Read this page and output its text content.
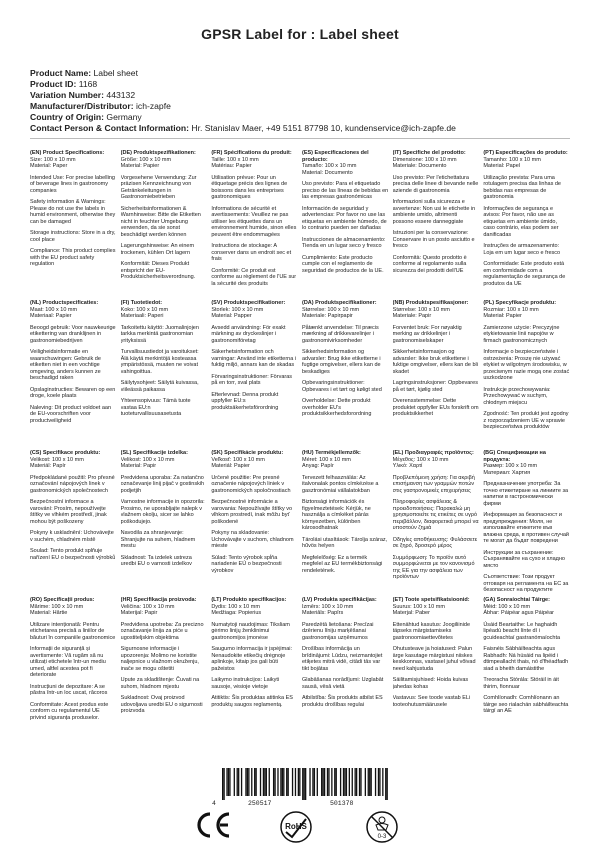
GPSR Label for : Label sheet
Product Name: Label sheet
Product ID: 1168
Variation Number: 443132
Manufacturer/Distributor: ich-zapfe
Country of Origin: Germany
Contact Person & Contact Information: Hr. Stanislav Maer, +49 5151 87798 10, kundenservice@ich-zapfe.de

(EN) Product Specifications:

Size: 100 x 10 mm

Material: Paper

Intended Use: For precise labelling of beverage lines in gastronomy companies

Safety information & Warnings: Please do not use the labels in humid environment, otherwise they can be damaged

Storage instructions: Store in a dry, cool place

Compliance: This product complies with the EU product safety regulation

(DE) Produktspezifikationen:

Größe: 100 x 10 mm

Material: Papier

Vorgesehene Verwendung: Zur präzisen Kennzeichnung von Getränkeleitungen in Gastronomiebetrieben

Sicherheitsinformationen & Warnhinweise: Bitte die Etiketten nicht in feuchter Umgebung verwenden, da sie sonst beschädigt werden können

Lagerungshinweise: An einem trockenen, kühlen Ort lagern

Konformität: Dieses Produkt entspricht der EU-Produktsicherheitsverordnung.

(FR) Spécifications du produit:

Taille: 100 x 10 mm

Matériau: Papier

Utilisation prévue: Pour un étiquetage précis des lignes de boissons dans les entreprises gastronomiques

Informations de sécurité et avertissements: Veuillez ne pas utiliser les étiquettes dans un environnement humide, sinon elles peuvent être endommagées

Instructions de stockage: A conserver dans un endroit sec et frais

Conformité: Ce produit est conforme au règlement de l'UE sur la sécurité des produits

(ES) Especificaciones del producto:

Tamaño: 100 x 10 mm

Material: Documento

Uso previsto: Para el etiquetado preciso de las líneas de bebidas en las empresas gastronómicas

Información de seguridad y advertencias: Por favor no use las etiquetas en ambiente húmedo, de lo contrario pueden ser dañadas

Instrucciones de almacenamiento: Tienda en un lugar seco y fresco

Cumplimiento: Este producto cumple con el reglamento de seguridad de productos de la UE.

(IT) Specifiche del prodotto:

Dimensione: 100 x 10 mm

Materiale: Documento

Uso previsto: Per l'etichettatura precisa delle linee di bevande nelle aziende di gastronomia

Informazioni sulla sicurezza e avvertenze: Non usi le etichette in ambiente umido, altrimenti possono essere danneggiate

Istruzioni per la conservazione: Conservare in un posto asciutto e fresco

Conformità: Questo prodotto è conforme al regolamento sulla sicurezza dei prodotti dell'UE

(PT) Especificações do produto:

Tamanho: 100 x 10 mm

Material: Papel

Utilização prevista: Para uma rotulagem precisa das linhas de bebidas nas empresas de gastronomia

Informações de segurança e avisos: Por favor, não use as etiquetas em ambiente úmido, caso contrário, elas podem ser danificadas

Instruções de armazenamento: Loja em um lugar seco e fresco

Conformidade: Este produto está em conformidade com a regulamentação de segurança de produtos da UE

(NL) Productspecificaties:

Maat: 100 x 10 mm

Materiaal: Papier

Beoogd gebruik: Voor nauwkeurige etikettering van dranklijnen in gastronomiebedrijven

Veiligheidsinformatie en waarschuwingen: Gebruik de etiketten niet in een vochtige omgeving, anders kunnen ze beschadigd raken

Opslaginstructies: Bewaren op een droge, koele plaats

Naleving: Dit product voldoet aan de EU-voorschriften voor productveiligheid

(FI) Tuotetiedot:

Koko: 100 x 10 mm

Materiaali: Paperi

Tarkoitettu käyttö: Juomalinjojen tarkka merkintä gastronomian yrityksissä

Turvallisuustiedot ja varoitukset: Älä käytä merkintöjä kosteassa ympäristössä, muuten ne voivat vahingoittua.

Säilytysohjeet: Säilytä kuivassa, viileässä paikassa

Yhteensopivuus: Tämä tuote vastaa EU:n tuoteturvallisuusasetusta

(SV) Produktspecifikationer:

Storlek: 100 x 10 mm

Material: Papper

Avsedd användning: För exakt märkning av dryckeslinjer i gastronomiföretag

Säkerhetsinformation och varningar: Använd inte etiketterna i fuktig miljö, annars kan de skadas

Förvaringsinstruktioner: Förvaras på en torr, sval plats

Efterlevnad: Denna produkt uppfyller EU:s produktsäkerhetsförordning

(DA) Produktspecifikationer:

Størrelse: 100 x 10 mm

Materiale: Papirpapir

Påtænkt anvendelse: Til præcis mærkning af drikkevarelinjer i gastronomivirksomheder

Sikkerhedsinformation og advarsler: Brug ikke etiketterne i fugtige omgivelser, ellers kan de beskadiges

Opbevaringsinstruktioner: Opbevares i et tørt og køligt sted

Overholdelse: Dette produkt overholder EU's produktsikkerhedsforordning

(NB) Produktspesifikasjoner:

Størrelse: 100 x 10 mm

Materiale: Papir

Forventet bruk: For nøyaktig merking av drikkelinjer i gastronomiselskaper

Sikkerhetsinformasjon og advarsler: Ikke bruk etikettene i fuktige omgivelser, ellers kan de bli skadet

Lagringsinstruksjoner: Oppbevares på et tørt, kjølig sted

Overensstemmelse: Dette produktet oppfyller EUs forskrift om produktsikkerhet

(PL) Specyfikacje produktu:

Rozmiar: 100 x 10 mm

Materiał: Papier

Zamierzone użycie: Precyzyjne etykietowanie linii napojów w firmach gastronomicznych

Informacje o bezpieczeństwie i ostrzeżenia: Proszę nie używać etykiet w wilgotnym środowisku, w przeciwnym razie mogą one zostać uszkodzone

Instrukcje przechowywania: Przechowywać w suchym, chłodnym miejscu

Zgodność: Ten produkt jest zgodny z rozporządzeniem UE w sprawie bezpieczeństwa produktów

(CS) Specifikace produktu:

Velikost: 100 x 10 mm

Materiál: Papír

Předpokládané použití: Pro přesné označování nápojových linek v gastronomických společnostech

Bezpečnostní informace a varování: Prosím, nepoužívejte štítky ve vlhkém prostředí, jinak mohou být poškozeny

Pokyny k uskladnění: Uchovávejte v suchém, chladném místě

Soulad: Tento produkt splňuje nařízení EU o bezpečnosti výrobků

(SL) Specifikacije izdelka:

Velikost: 100 x 10 mm

Material: Papir

Predvidena uporaba: Za natančno označevanje linij pijač v gostinskih podjetjih

Varnostne informacije in opozorila: Prosimo, ne uporabljajte nalepk v vlažnem okolju, sicer se lahko poškodujejo.

Navodila za shranjevanje: Shranjujte na suhem, hladnem mestu

Skladnost: Ta izdelek ustreza uredbi EU o varnosti izdelkov

(SK) Špecifikácie produktu:

Veľkosť: 100 x 10 mm

Materiál: Papier

Určené použitie: Pre presné označenie nápojových liniek v gastronomických spoločnostiach

Bezpečnostné informácie a varovania: Nepoužívajte štítky vo vlhkom prostredí, inak môžu byť poškodené

Pokyny na skladovanie: Uchovávajte v suchom, chladnom mieste

Súlad: Tento výrobok spĺňa nariadenie EÚ o bezpečnosti výrobkov

(HU) Termékjellemzők:

Méret: 100 x 10 mm

Anyag: Papír

Tervezett felhasználás: Az italvonalak pontos címkézése a gasztronómiai vállalatokban

Biztonsági információk és figyelmeztetések: Kérjük, ne használja a címkéket párás környezetben, különben károsodhatnak

Tárolási utasítások: Tárolja száraz, hűvös helyen

Megfelelőség: Ez a termék megfelel az EU termékbiztonsági rendeletének.

(EL) Προδιαγραφές προϊόντος:

Μέγεθος: 100 x 10 mm

Υλικό: Χαρτί

Προβλεπόμενη χρήση: Για ακριβή επισήμανση των γραμμών ποτών στις γαστρονομικές επιχειρήσεις

Πληροφορίες ασφάλειας & προειδοποιήσεις: Παρακαλώ μη χρησιμοποιείτε τις ετικέτες σε υγρό περιβάλλον, διαφορετικά μπορεί να υποστούν ζημιά

Οδηγίες αποθήκευσης: Φυλάσσετε σε ξηρό, δροσερό μέρος

Συμμόρφωση: Το προϊόν αυτό συμμορφώνεται με τον κανονισμό της ΕΕ για την ασφάλεια των προϊόντων

(BG) Спецификации на продукта:

Размер: 100 x 10 mm

Материал: Хартия

Предназначение употреба: За точно етикетиране на линиите за напитки в гастрономически фирми

Информация за безопасност и предупреждения: Моля, не използвайте етикетите във влажна среда, в противен случай те могат да бъдат повредени

Инструкции за съхранение: Съхранявайте на сухо и хладно място

Съответствие: Този продукт отговаря на регламента на ЕС за безопасност на продуктите

(RO) Specificații produs:

Mărime: 100 x 10 mm

Material: Hârtie

Utilizare intenționată: Pentru etichetarea precisă a liniilor de băuturi în companiile gastronomice

Informații de siguranță și avertismente: Vă rugăm să nu utilizați etichetele într-un mediu umed, altfel acestea pot fi deteriorate

Instrucțiuni de depozitare: A se păstra într-un loc uscat, răcoros

Conformitate: Acest produs este conform cu regulamentul UE privind siguranța produselor.

(HR) Specifikacija proizvoda:

Veličina: 100 x 10 mm

Materijal: Papir

Predviđena upotreba: Za precizno označavanje linija za piće u ugostiteljskim objektima

Sigurnosne informacije i upozorenja: Molimo ne koristite naljepnice u vlažnom okruženju, inače se mogu oštetiti

Upute za skladištenje: Čuvati na suhom, hladnom mjestu

Sukladnost: Ovaj proizvod udovoljava uredbi EU o sigurnosti proizvoda

(LT) Produkto specifikacijos:

Dydis: 100 x 10 mm

Medžiaga: Popierius

Numatytoji naudojimas: Tiksliam gėrimo linijų ženklinimui gastronomijos įmonėse

Saugumo informacija ir įspėjimai: Nenaudokite etikečių drėgnoje aplinkoje, kitaip jos gali būti pažeistos

Laikymo instrukcijos: Laikyti sausoje, vėsioje vietoje

Atitiktis: Šis produktas atitinka ES produktų saugos reglamentą.

(LV) Produkta specifikācijas:

Izmērs: 100 x 10 mm

Materiāls: Papīrs

Paredzētā lietošana: Precīzai dzērienu līniju marķēšanai gastronomijas uzņēmumos

Drošības informācija un brīdinājumi: Lūdzu, neizmantojiet etiķetes mitrā vidē, citādi tās var tikt bojātas

Glabāšanas norādījumi: Uzglabāt sausā, vēsā vietā

Atbilstība: Šis produkts atbilst ES produktu drošības regulai

(ET) Toote spetsifikatsioonid:

Suurus: 100 x 10 mm

Materjal: Paber

Ettenähtud kasutus: Joogiliinide täpseks märgistamiseks gastronoomiaettevõtetes

Ohutusteave ja hoiatused: Palun ärge kasutage märgistusi niiskes keskkonnas, vastasel juhul võivad need kahjustuda

Säilitamisjuhised: Hoida kuivas jahedas kohas

Vastavus: See toode vastab ELi tooteohutusmäärusele

(GA) Sonraíochtaí Táirge:

Méid: 100 x 10 mm

Ábhar: Páipéar agus Páipéar

Úsáid Beartaithe: Le haghaidh lipéadú beacht línte dí i gcuideachtaí gastranómaíochta

Faisnéis Sábháilteachta agus Rabhadh: Ná húsáid na lipéid i dtimpeallacht thais, nó d'fhéadfadh siad a bheith damáistithe

Treoracha Stórála: Stóráil in áit thirim, fionnuar

Comhlíonadh: Comhlíonann an táirge seo rialachán sábháilteachta táirgí an AE

4	250517	501378
RoHS
0-3
